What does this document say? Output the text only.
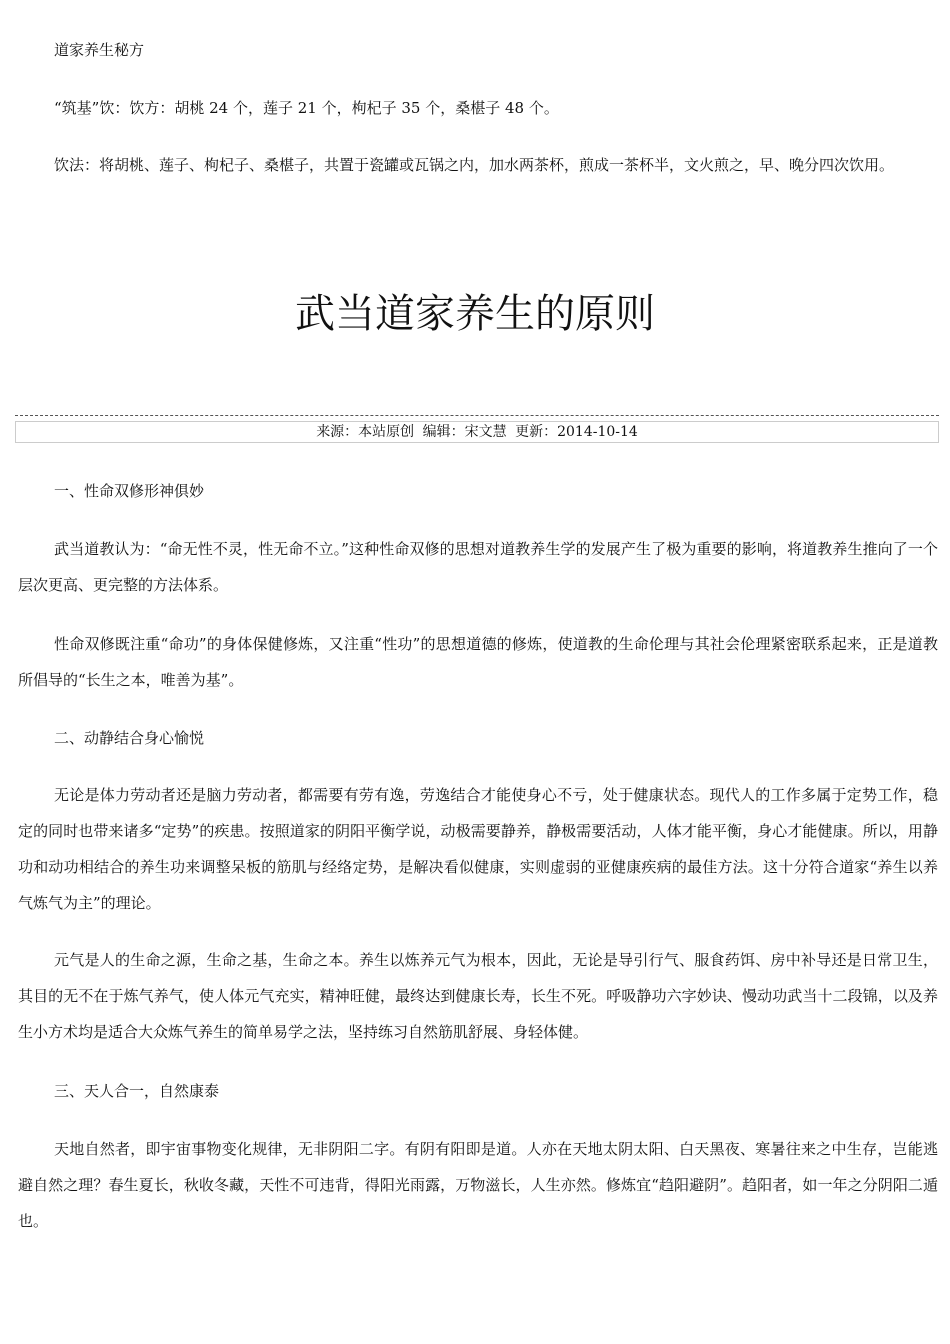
道家养生秘方

“筑基”饮：饮方：胡桃 24 个，莲子 21 个，枸杞子 35 个，桑椹子 48 个。

饮法：将胡桃、莲子、枸杞子、桑椹子，共置于瓷罐或瓦锅之内，加水两茶杯，煎成一茶杯半，文火煎之，早、晚分四次饮用。

武当道家养生的原则
来源：本站原创 编辑：宋文慧 更新：2014-10-14

一、性命双修形神俱妙

武当道教认为：“命无性不灵，性无命不立。”这种性命双修的思想对道教养生学的发展产生了极为重要的影响，将道教养生推向了一个层次更高、更完整的方法体系。

性命双修既注重“命功”的身体保健修炼，又注重“性功”的思想道德的修炼，使道教的生命伦理与其社会伦理紧密联系起来，正是道教所倡导的“长生之本，唯善为基”。

二、动静结合身心愉悦

无论是体力劳动者还是脑力劳动者，都需要有劳有逸，劳逸结合才能使身心不亏，处于健康状态。现代人的工作多属于定势工作，稳定的同时也带来诸多“定势”的疾患。按照道家的阴阳平衡学说，动极需要静养，静极需要活动，人体才能平衡，身心才能健康。所以，用静功和动功相结合的养生功来调整呆板的筋肌与经络定势，是解决看似健康，实则虚弱的亚健康疾病的最佳方法。这十分符合道家“养生以养气炼气为主”的理论。

元气是人的生命之源，生命之基，生命之本。养生以炼养元气为根本，因此，无论是导引行气、服食药饵、房中补导还是日常卫生，其目的无不在于炼气养气，使人体元气充实，精神旺健，最终达到健康长寿，长生不死。呼吸静功六字妙诀、慢动功武当十二段锦，以及养生小方术均是适合大众炼气养生的简单易学之法，坚持练习自然筋肌舒展、身轻体健。

三、天人合一，自然康泰

天地自然者，即宇宙事物变化规律，无非阴阳二字。有阴有阳即是道。人亦在天地太阴太阳、白天黑夜、寒暑往来之中生存，岂能逃避自然之理？春生夏长，秋收冬藏，天性不可违背，得阳光雨露，万物滋长，人生亦然。修炼宜“趋阳避阴”。趋阳者，如一年之分阴阳二遁也。
